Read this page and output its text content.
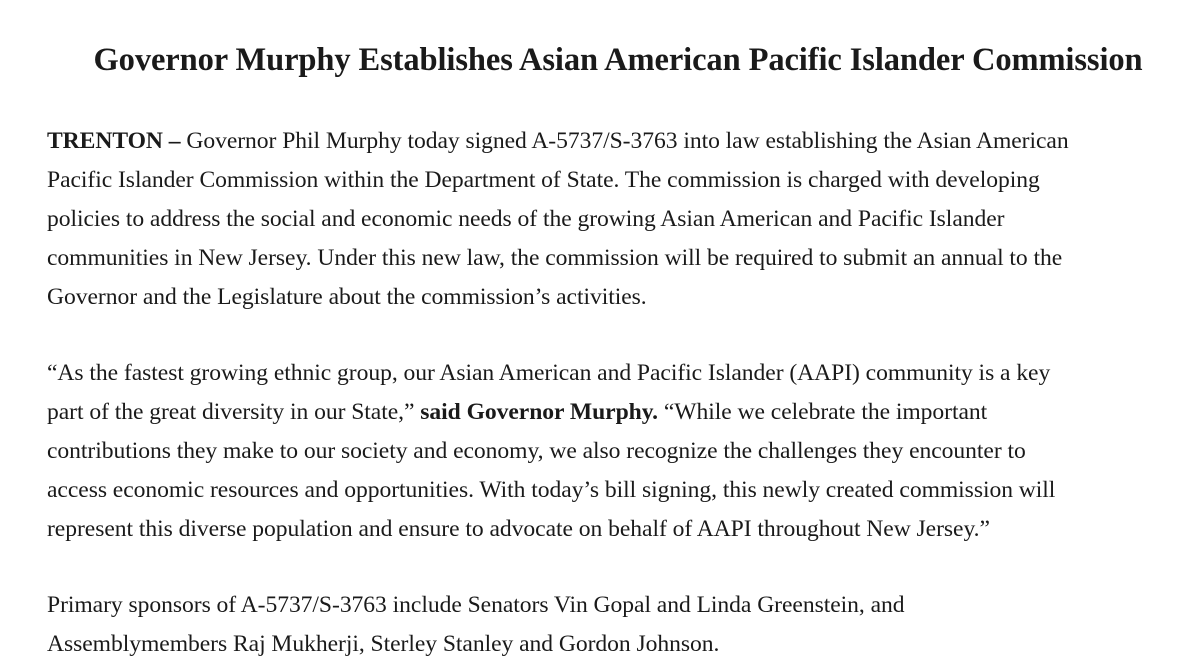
Governor Murphy Establishes Asian American Pacific Islander Commission

TRENTON – Governor Phil Murphy today signed A-5737/S-3763 into law establishing the Asian American
Pacific Islander Commission within the Department of State. The commission is charged with developing
policies to address the social and economic needs of the growing Asian American and Pacific Islander
communities in New Jersey. Under this new law, the commission will be required to submit an annual to the
Governor and the Legislature about the commission’s activities.

“As the fastest growing ethnic group, our Asian American and Pacific Islander (AAPI) community is a key
part of the great diversity in our State,” said Governor Murphy. “While we celebrate the important
contributions they make to our society and economy, we also recognize the challenges they encounter to
access economic resources and opportunities. With today’s bill signing, this newly created commission will
represent this diverse population and ensure to advocate on behalf of AAPI throughout New Jersey.”

Primary sponsors of A-5737/S-3763 include Senators Vin Gopal and Linda Greenstein, and
Assemblymembers Raj Mukherji, Sterley Stanley and Gordon Johnson.
